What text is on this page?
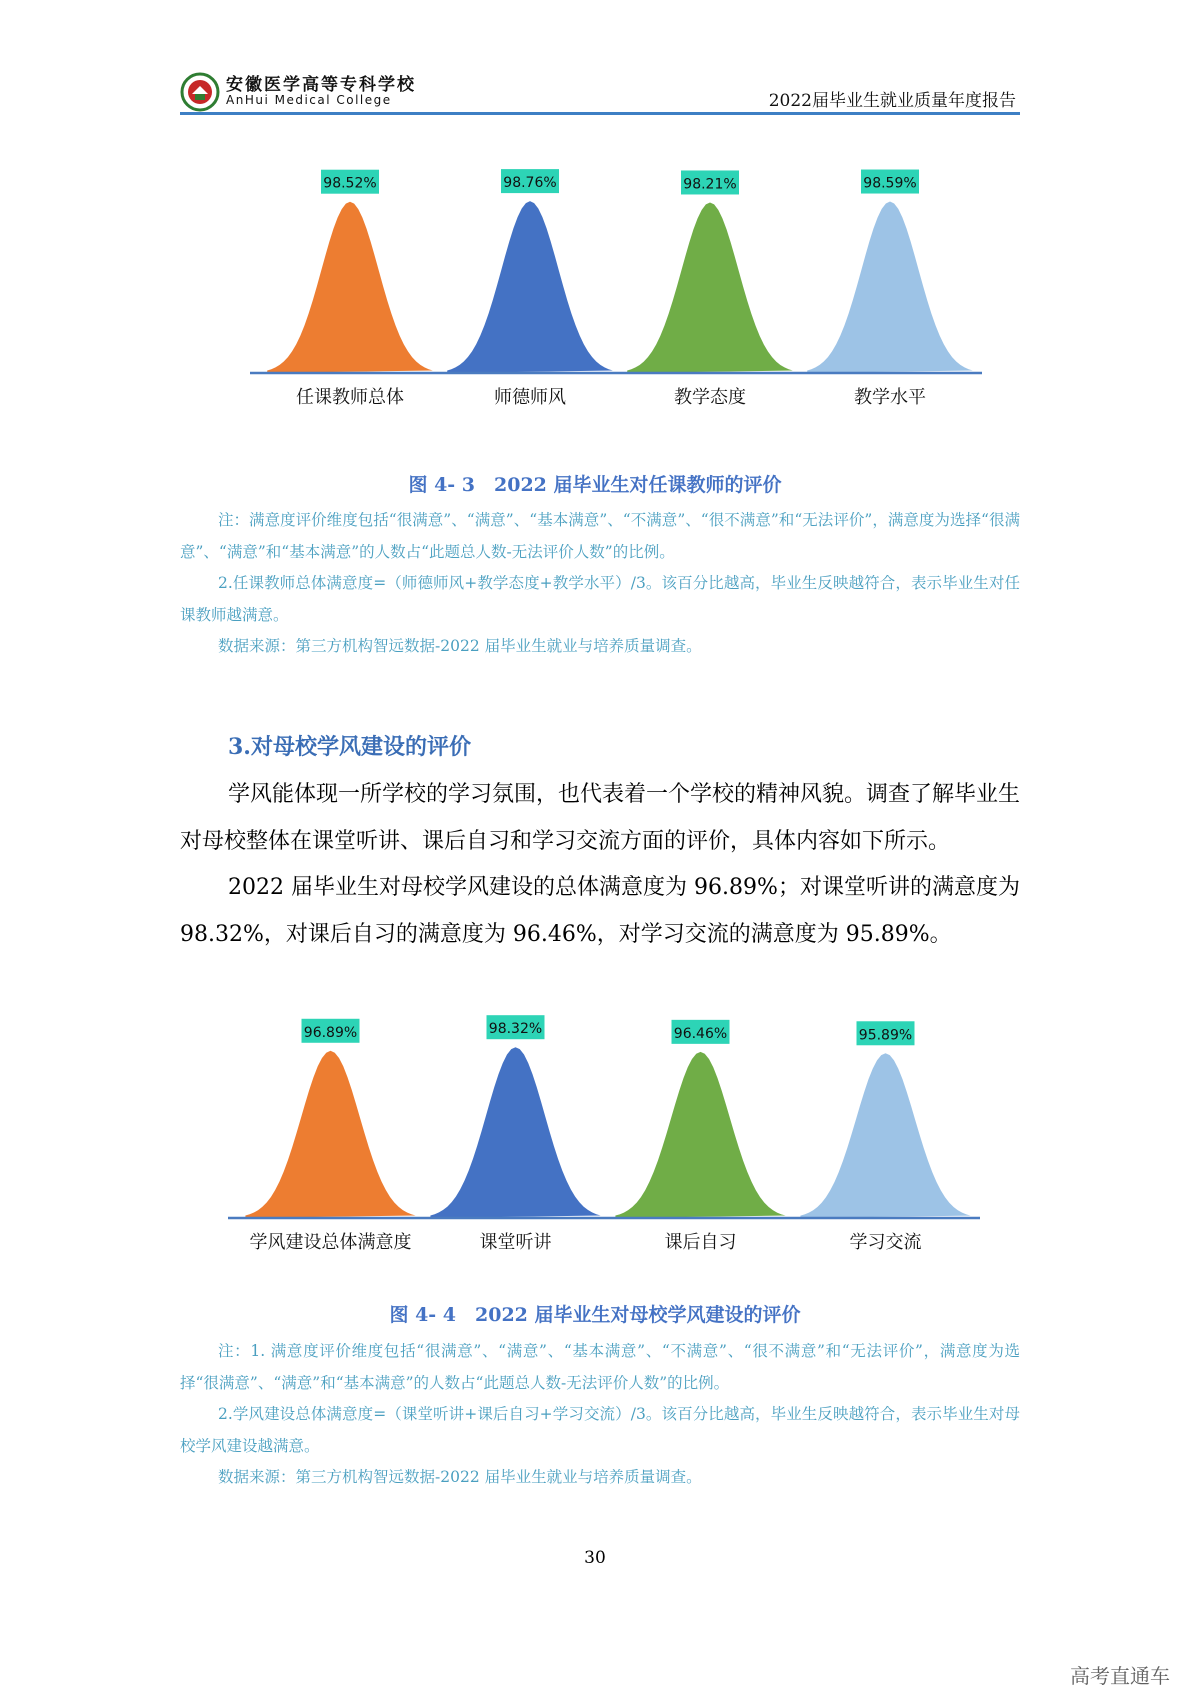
安徽医学高等专科学校
AnHui Medical College	2022届毕业生就业质量年度报告
98.52%
任课教师总体
98.76%
师德师风
98.21%
教学态度
98.59%
教学水平
图 4- 3　2022 届毕业生对任课教师的评价

注：满意度评价维度包括“很满意”、“满意”、“基本满意”、“不满意”、“很不满意”和“无法评价”，满意度为选择“很满意”、“满意”和“基本满意”的人数占“此题总人数-无法评价人数”的比例。

2.任课教师总体满意度=（师德师风+教学态度+教学水平）/3。该百分比越高，毕业生反映越符合，表示毕业生对任课教师越满意。

数据来源：第三方机构智远数据-2022 届毕业生就业与培养质量调查。

3.对母校学风建设的评价

学风能体现一所学校的学习氛围，也代表着一个学校的精神风貌。调查了解毕业生对母校整体在课堂听讲、课后自习和学习交流方面的评价，具体内容如下所示。

2022 届毕业生对母校学风建设的总体满意度为 96.89%；对课堂听讲的满意度为 98.32%，对课后自习的满意度为 96.46%，对学习交流的满意度为 95.89%。

96.89%
学风建设总体满意度
98.32%
课堂听讲
96.46%
课后自习
95.89%
学习交流
图 4- 4　2022 届毕业生对母校学风建设的评价

注：1. 满意度评价维度包括“很满意”、“满意”、“基本满意”、“不满意”、“很不满意”和“无法评价”，满意度为选择“很满意”、“满意”和“基本满意”的人数占“此题总人数-无法评价人数”的比例。

2.学风建设总体满意度=（课堂听讲+课后自习+学习交流）/3。该百分比越高，毕业生反映越符合，表示毕业生对母校学风建设越满意。

数据来源：第三方机构智远数据-2022 届毕业生就业与培养质量调查。

30
高考直通车
